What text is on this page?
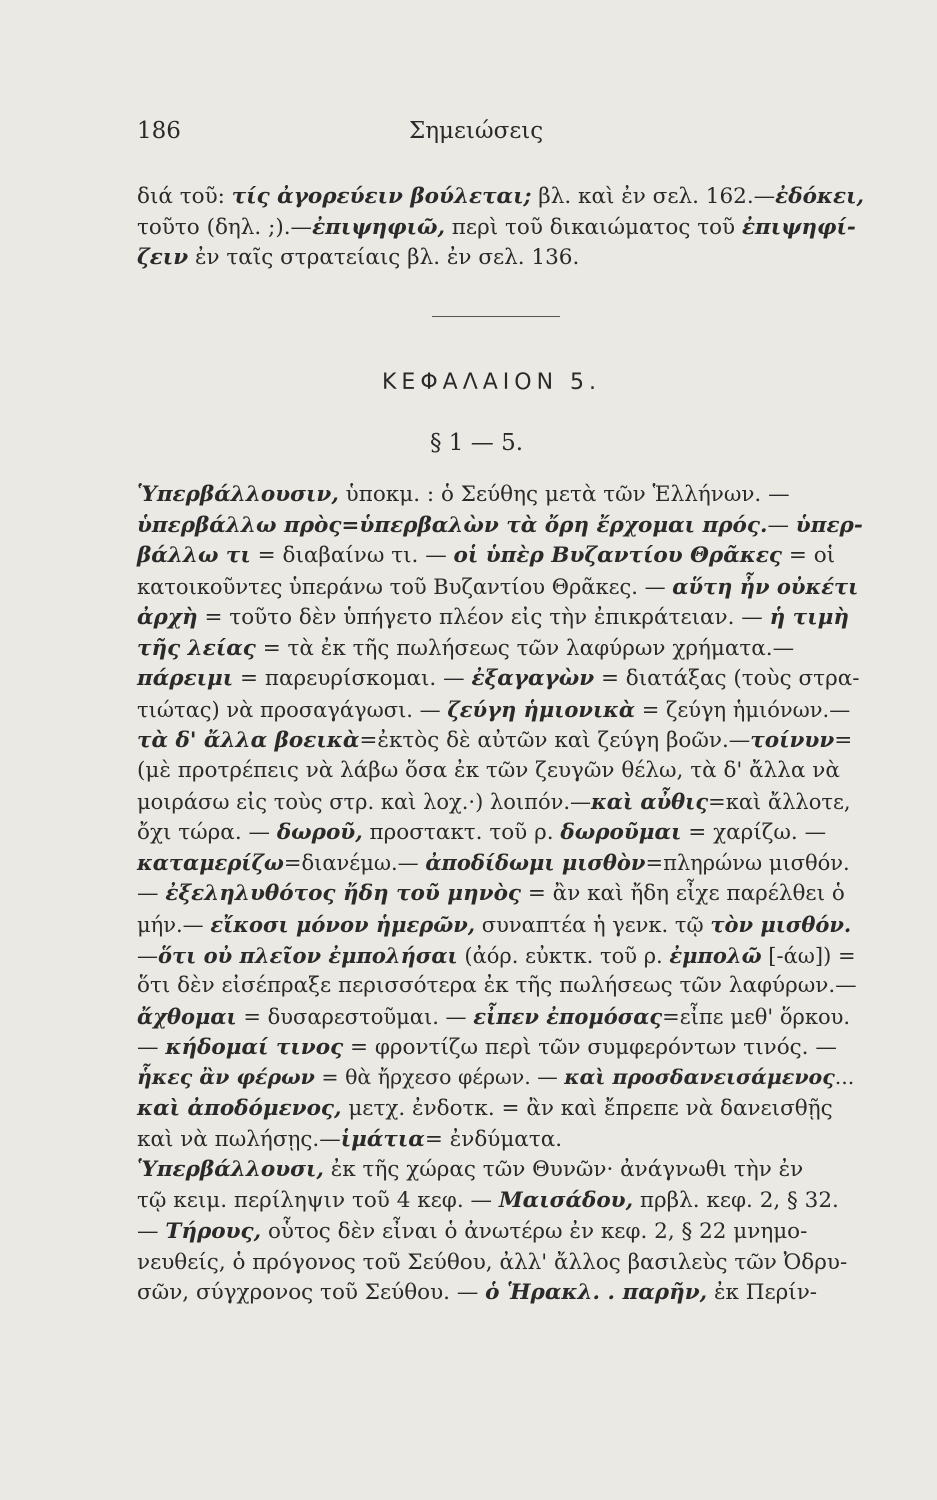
186	Σημειώσεις
διά τοῦ: τίς ἀγορεύειν βούλεται; βλ. καὶ ἐν σελ. 162.—ἐδόκει,
τοῦτο (δηλ. ;).—ἐπιψηφιῶ, περὶ τοῦ δικαιώματος τοῦ ἐπιψηφί-
ζειν ἐν ταῖς στρατείαις βλ. ἐν σελ. 136.
ΚΕΦΑΛΑΙΟΝ 5.
§ 1 — 5.
Ὑπερβάλλουσιν, ὑποκμ. : ὁ Σεύθης μετὰ τῶν Ἑλλήνων. —
ὑπερβάλλω πρὸς=ὑπερβαλὼν τὰ ὄρη ἔρχομαι πρός.— ὑπερ-
βάλλω τι = διαβαίνω τι. — οἱ ὑπὲρ Βυζαντίου Θρᾶκες = οἱ
κατοικοῦντες ὑπεράνω τοῦ Βυζαντίου Θρᾶκες. — αὕτη ἦν οὐκέτι
ἀρχὴ = τοῦτο δὲν ὑπήγετο πλέον εἰς τὴν ἐπικράτειαν. — ἡ τιμὴ
τῆς λείας = τὰ ἐκ τῆς πωλήσεως τῶν λαφύρων χρήματα.—
πάρειμι = παρευρίσκομαι. — ἐξαγαγὼν = διατάξας (τοὺς στρα-
τιώτας) νὰ προσαγάγωσι. — ζεύγη ἡμιονικὰ = ζεύγη ἡμιόνων.—
τὰ δ' ἄλλα βοεικὰ=ἐκτὸς δὲ αὐτῶν καὶ ζεύγη βοῶν.—τοίνυν=
(μὲ προτρέπεις νὰ λάβω ὅσα ἐκ τῶν ζευγῶν θέλω, τὰ δ' ἄλλα νὰ
μοιράσω εἰς τοὺς στρ. καὶ λοχ.·) λοιπόν.—καὶ αὖθις=καὶ ἄλλοτε,
ὄχι τώρα. — δωροῦ, προστακτ. τοῦ ρ. δωροῦμαι = χαρίζω. —
καταμερίζω=διανέμω.— ἀποδίδωμι μισθὸν=πληρώνω μισθόν.
— ἐξεληλυθότος ἤδη τοῦ μηνὸς = ἂν καὶ ἤδη εἶχε παρέλθει ὁ
μήν.— εἴκοσι μόνον ἡμερῶν, συναπτέα ἡ γενκ. τῷ τὸν μισθόν.
—ὅτι οὐ πλεῖον ἐμπολήσαι (ἀόρ. εὐκτκ. τοῦ ρ. ἐμπολῶ [-άω]) =
ὅτι δὲν εἰσέπραξε περισσότερα ἐκ τῆς πωλήσεως τῶν λαφύρων.—
ἄχθομαι = δυσαρεστοῦμαι. — εἶπεν ἐπομόσας=εἶπε μεθ' ὅρκου.
— κήδομαί τινος = φροντίζω περὶ τῶν συμφερόντων τινός. —
ἧκες ἂν φέρων = θὰ ἤρχεσο φέρων. — καὶ προσδανεισάμενος...
καὶ ἀποδόμενος, μετχ. ἐνδοτκ. = ἂν καὶ ἔπρεπε νὰ δανεισθῇς
καὶ νὰ πωλήσῃς.—ἱμάτια= ἐνδύματα.
Ὑπερβάλλουσι, ἐκ τῆς χώρας τῶν Θυνῶν· ἀνάγνωθι τὴν ἐν
τῷ κειμ. περίληψιν τοῦ 4 κεφ. — Μαισάδου, πρβλ. κεφ. 2, § 32.
— Τήρους, οὗτος δὲν εἶναι ὁ ἀνωτέρω ἐν κεφ. 2, § 22 μνημο-
νευθείς, ὁ πρόγονος τοῦ Σεύθου, ἀλλ' ἄλλος βασιλεὺς τῶν Ὀδρυ-
σῶν, σύγχρονος τοῦ Σεύθου. — ὁ Ἡρακλ. . παρῆν, ἐκ Περίν-
